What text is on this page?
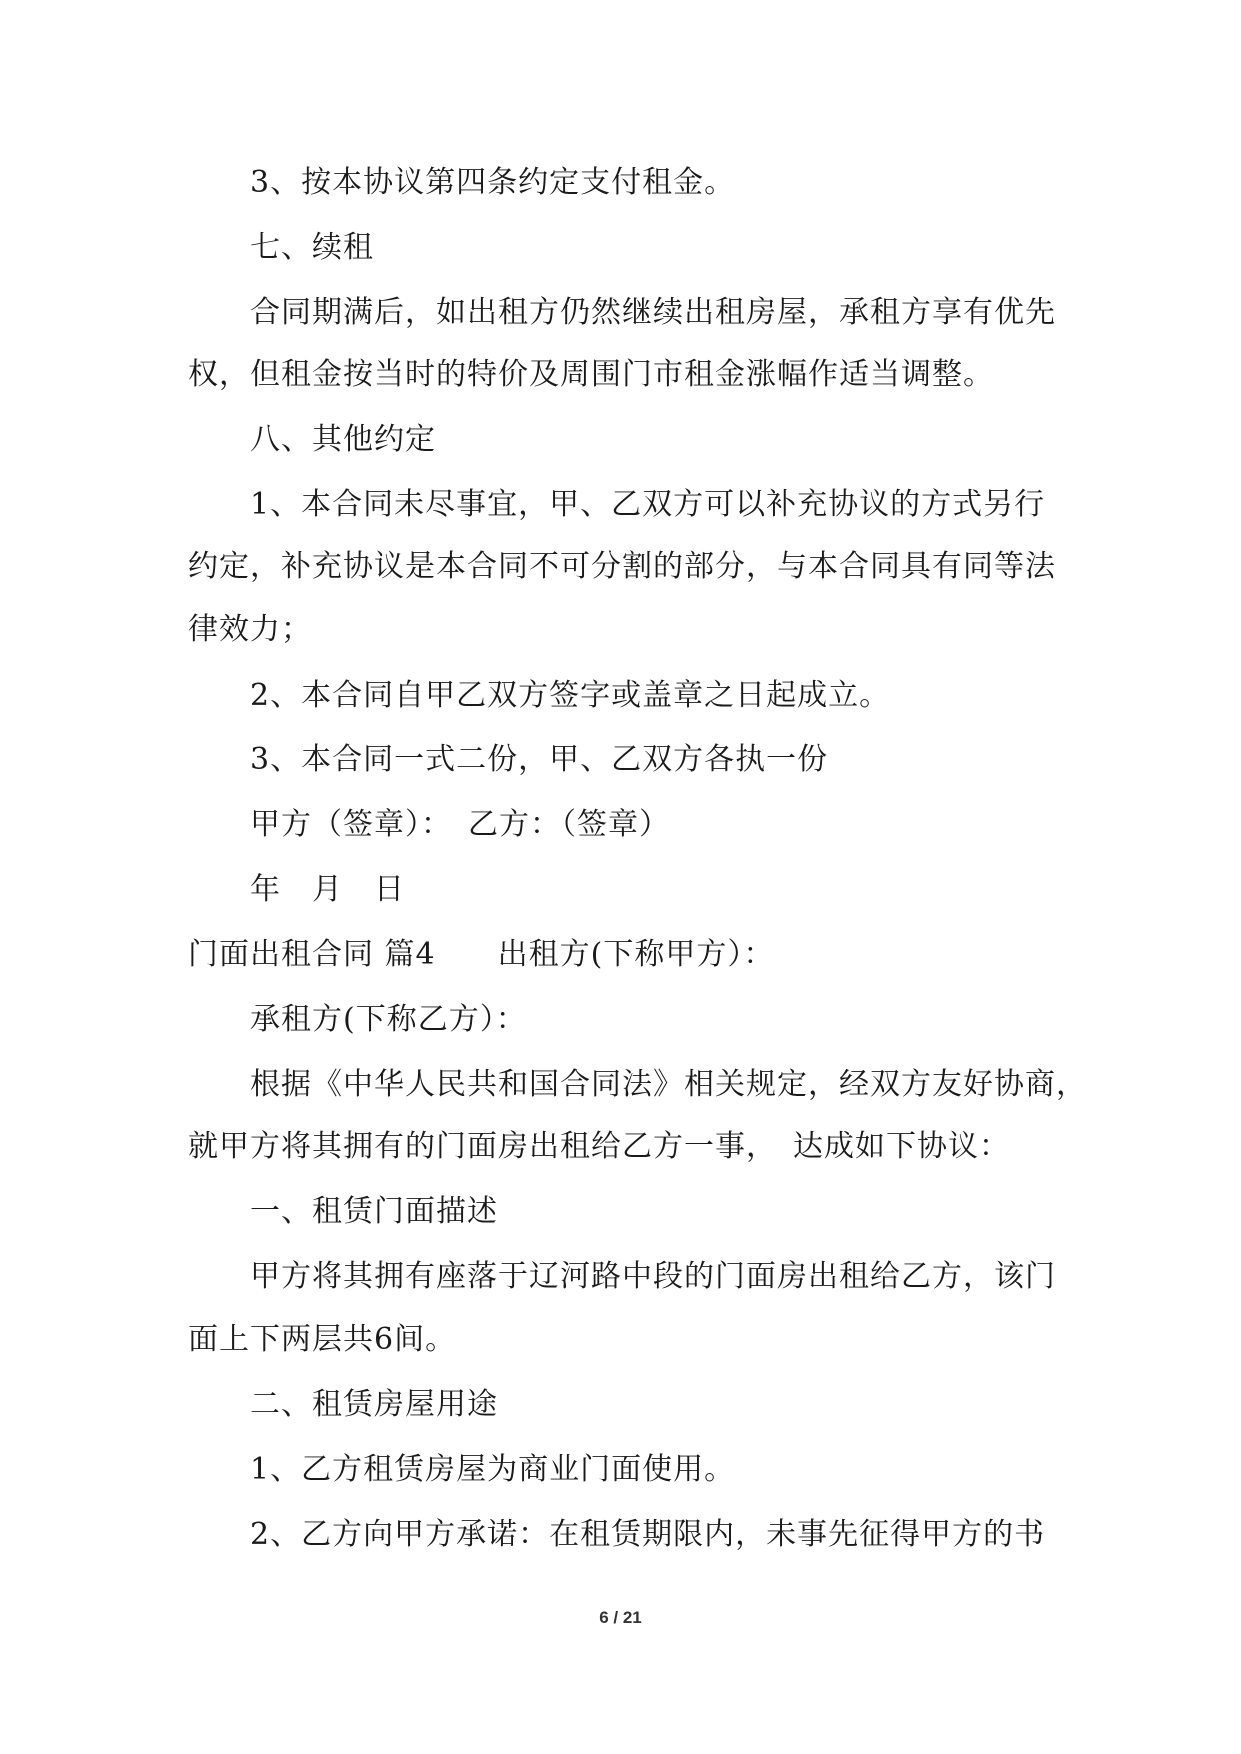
3、按本协议第四条约定支付租金。
七、续租
合同期满后，如出租方仍然继续出租房屋，承租方享有优先
权，但租金按当时的特价及周围门市租金涨幅作适当调整。
八、其他约定
1、本合同未尽事宜，甲、乙双方可以补充协议的方式另行
约定，补充协议是本合同不可分割的部分，与本合同具有同等法
律效力；
2、本合同自甲乙双方签字或盖章之日起成立。
3、本合同一式二份，甲、乙双方各执一份
甲方（签章）：　乙方：（签章）
年　月　日
门面出租合同 篇4　　出租方(下称甲方）：
承租方(下称乙方）：
根据《中华人民共和国合同法》相关规定，经双方友好协商，
就甲方将其拥有的门面房出租给乙方一事，　达成如下协议：
一、租赁门面描述
甲方将其拥有座落于辽河路中段的门面房出租给乙方，该门
面上下两层共6间。
二、租赁房屋用途
1、乙方租赁房屋为商业门面使用。
2、乙方向甲方承诺：在租赁期限内，未事先征得甲方的书
6 / 21
